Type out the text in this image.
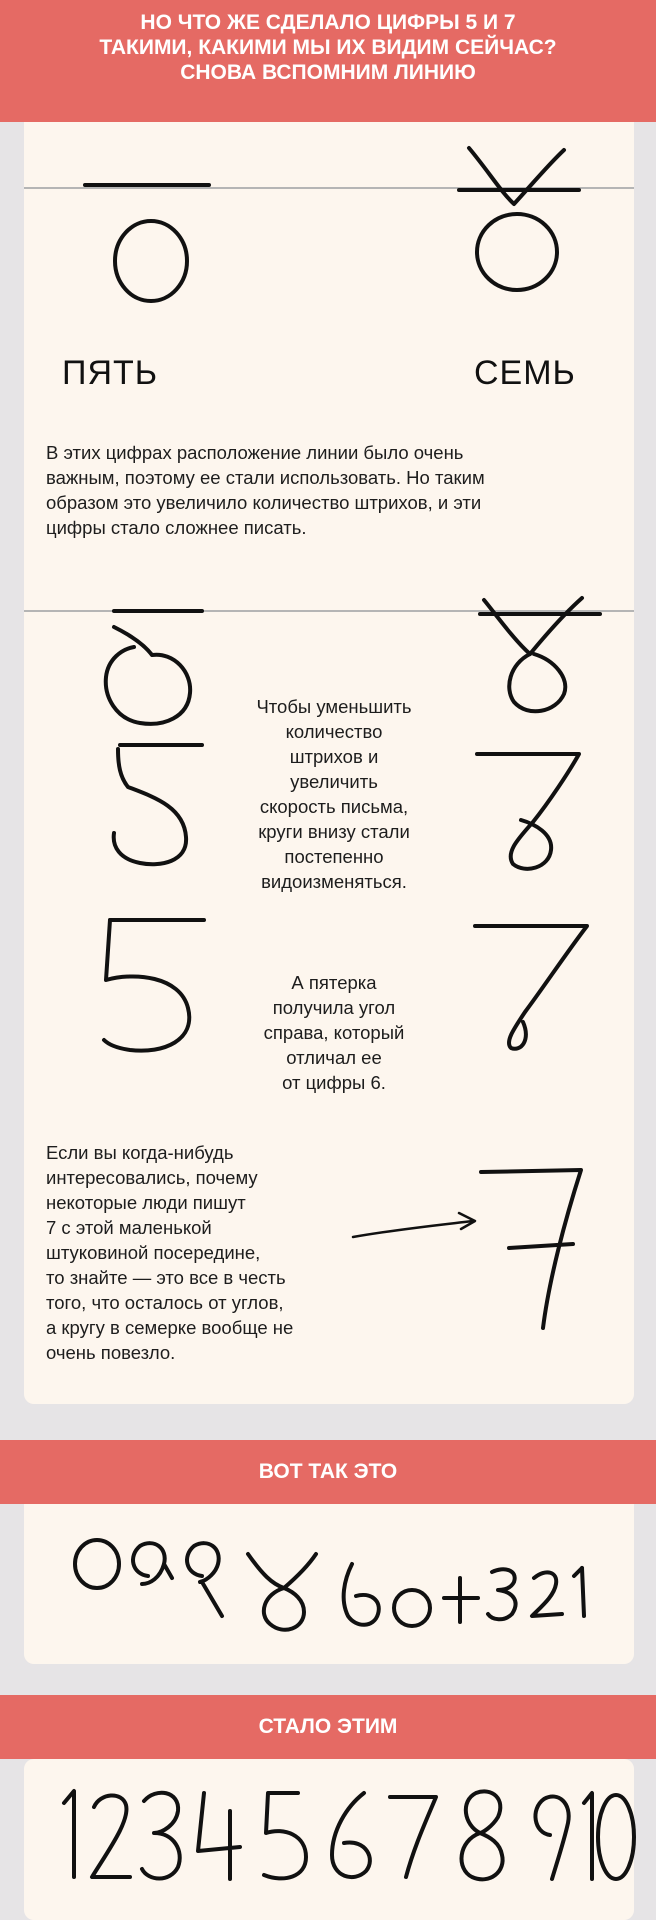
НО ЧТО ЖЕ СДЕЛАЛО ЦИФРЫ 5 И 7
ТАКИМИ, КАКИМИ МЫ ИХ ВИДИМ СЕЙЧАС?
СНОВА ВСПОМНИМ ЛИНИЮ
ПЯТЬ	СЕМЬ
В этих цифрах расположение линии было очень
важным, поэтому ее стали использовать. Но таким
образом это увеличило количество штрихов, и эти
цифры стало сложнее писать.
Чтобы уменьшить
количество
штрихов и
увеличить
скорость письма,
круги внизу стали
постепенно
видоизменяться.
А пятерка
получила угол
справа, который
отличал ее
от цифры 6.
Если вы когда-нибудь
интересовались, почему
некоторые люди пишут
7 с этой маленькой
штуковиной посередине,
то знайте — это все в честь
того, что осталось от углов,
а кругу в семерке вообще не
очень повезло.
ВОТ ТАК ЭТО
СТАЛО ЭТИМ
